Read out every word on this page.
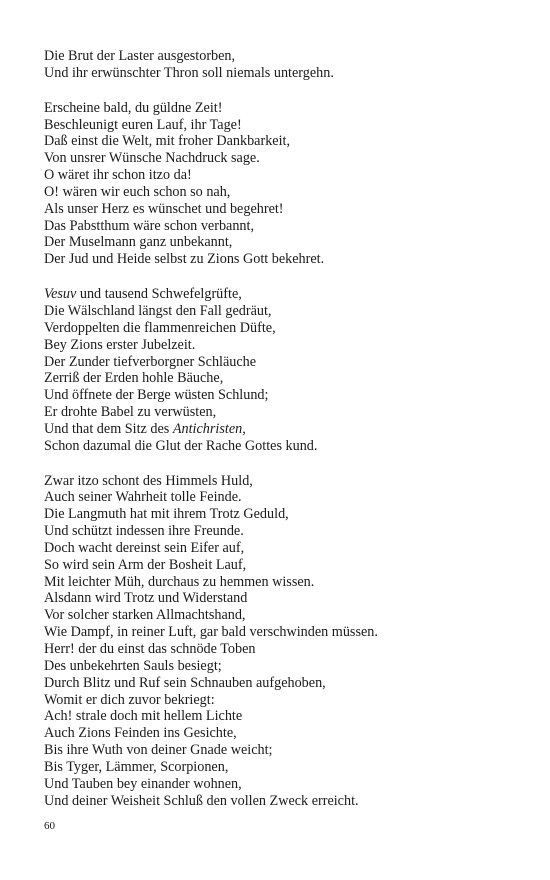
Die Brut der Laster ausgestorben,
Und ihr erwünschter Thron soll niemals untergehn.
Erscheine bald, du güldne Zeit!
Beschleunigt euren Lauf, ihr Tage!
Daß einst die Welt, mit froher Dankbarkeit,
Von unsrer Wünsche Nachdruck sage.
O wäret ihr schon itzo da!
O! wären wir euch schon so nah,
Als unser Herz es wünschet und begehret!
Das Pabstthum wäre schon verbannt,
Der Muselmann ganz unbekannt,
Der Jud und Heide selbst zu Zions Gott bekehret.
Vesuv und tausend Schwefelgrüfte,
Die Wälschland längst den Fall gedräut,
Verdoppelten die flammenreichen Düfte,
Bey Zions erster Jubelzeit.
Der Zunder tiefverborgner Schläuche
Zerriß der Erden hohle Bäuche,
Und öffnete der Berge wüsten Schlund;
Er drohte Babel zu verwüsten,
Und that dem Sitz des Antichristen,
Schon dazumal die Glut der Rache Gottes kund.
Zwar itzo schont des Himmels Huld,
Auch seiner Wahrheit tolle Feinde.
Die Langmuth hat mit ihrem Trotz Geduld,
Und schützt indessen ihre Freunde.
Doch wacht dereinst sein Eifer auf,
So wird sein Arm der Bosheit Lauf,
Mit leichter Müh, durchaus zu hemmen wissen.
Alsdann wird Trotz und Widerstand
Vor solcher starken Allmachtshand,
Wie Dampf, in reiner Luft, gar bald verschwinden müssen.
Herr! der du einst das schnöde Toben
Des unbekehrten Sauls besiegt;
Durch Blitz und Ruf sein Schnauben aufgehoben,
Womit er dich zuvor bekriegt:
Ach! strale doch mit hellem Lichte
Auch Zions Feinden ins Gesichte,
Bis ihre Wuth von deiner Gnade weicht;
Bis Tyger, Lämmer, Scorpionen,
Und Tauben bey einander wohnen,
Und deiner Weisheit Schluß den vollen Zweck erreicht.
60
